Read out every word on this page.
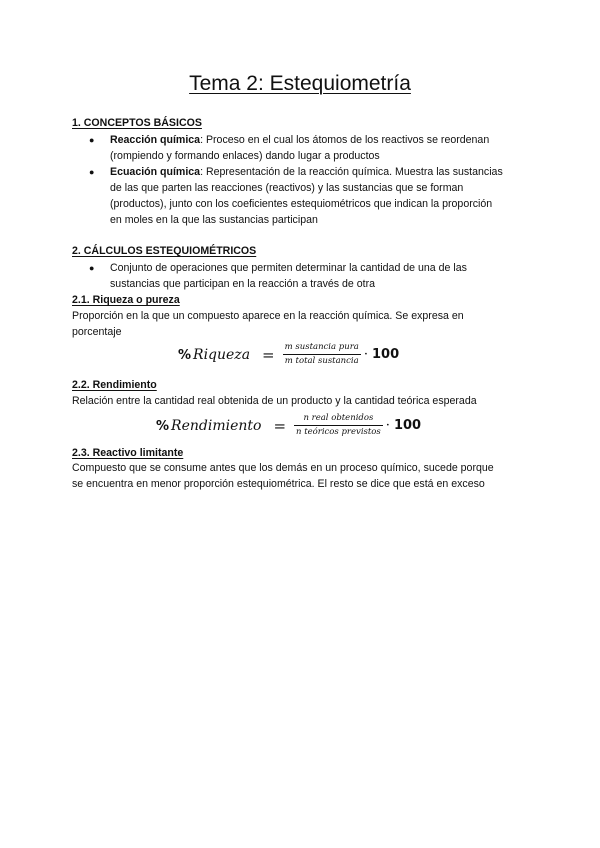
Tema 2: Estequiometría
1. CONCEPTOS BÁSICOS
● Reacción química: Proceso en el cual los átomos de los reactivos se reordenan
(rompiendo y formando enlaces) dando lugar a productos
● Ecuación química: Representación de la reacción química. Muestra las sustancias
de las que parten las reacciones (reactivos) y las sustancias que se forman
(productos), junto con los coeficientes estequiométricos que indican la proporción
en moles en la que las sustancias participan
2. CÁLCULOS ESTEQUIOMÉTRICOS
● Conjunto de operaciones que permiten determinar la cantidad de una de las
sustancias que participan en la reacción a través de otra
2.1. Riqueza o pureza
Proporción en la que un compuesto aparece en la reacción química. Se expresa en
porcentaje
% Riqueza = $\frac{\text{m sustancia pura}}{\text{m total sustancia}} \cdot 100$
2.2. Rendimiento
Relación entre la cantidad real obtenida de un producto y la cantidad teórica esperada
% Rendimiento = $\frac{\text{n real obtenidos}}{\text{n teóricos previstos}} \cdot 100$
2.3. Reactivo limitante
Compuesto que se consume antes que los demás en un proceso químico, sucede porque
se encuentra en menor proporción estequiométrica. El resto se dice que está en exceso
